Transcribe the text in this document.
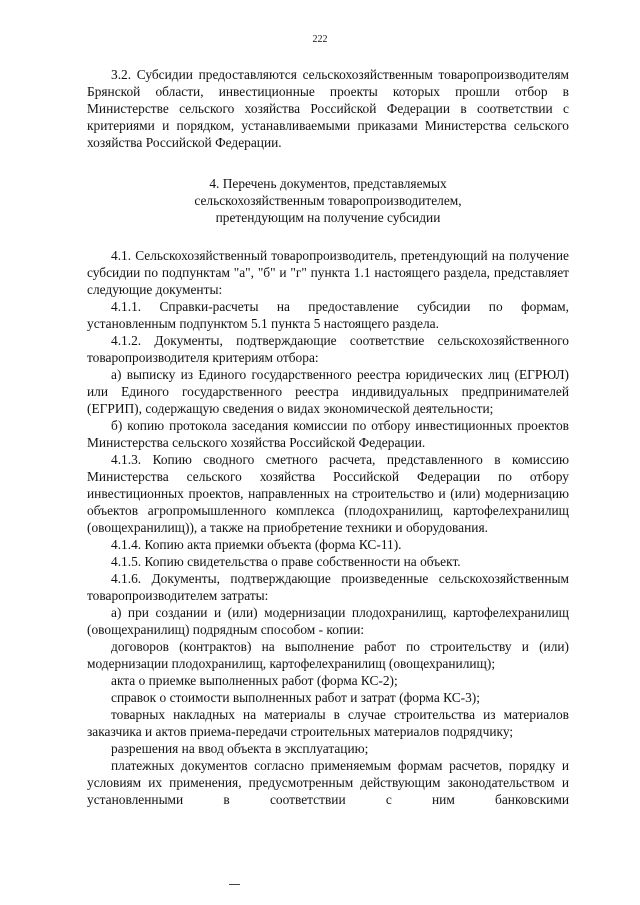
222

3.2. Субсидии предоставляются сельскохозяйственным товаропроизводителям Брянской области, инвестиционные проекты которых прошли отбор в Министерстве сельского хозяйства Российской Федерации в соответствии с критериями и порядком, устанавливаемыми приказами Министерства сельского хозяйства Российской Федерации.

4. Перечень документов, представляемых
сельскохозяйственным товаропроизводителем,
претендующим на получение субсидии

4.1. Сельскохозяйственный товаропроизводитель, претендующий на получение субсидии по подпунктам "а", "б" и "г" пункта 1.1 настоящего раздела, представляет следующие документы:

4.1.1. Справки-расчеты на предоставление субсидии по формам, установленным подпунктом 5.1 пункта 5 настоящего раздела.

4.1.2. Документы, подтверждающие соответствие сельскохозяйственного товаропроизводителя критериям отбора:

а) выписку из Единого государственного реестра юридических лиц (ЕГРЮЛ) или Единого государственного реестра индивидуальных предпринимателей (ЕГРИП), содержащую сведения о видах экономической деятельности;

б) копию протокола заседания комиссии по отбору инвестиционных проектов Министерства сельского хозяйства Российской Федерации.

4.1.3. Копию сводного сметного расчета, представленного в комиссию Министерства сельского хозяйства Российской Федерации по отбору инвестиционных проектов, направленных на строительство и (или) модернизацию объектов агропромышленного комплекса (плодохранилищ, картофелехранилищ (овощехранилищ)), а также на приобретение техники и оборудования.

4.1.4. Копию акта приемки объекта (форма КС-11).

4.1.5. Копию свидетельства о праве собственности на объект.

4.1.6. Документы, подтверждающие произведенные сельскохозяйственным товаропроизводителем затраты:

а) при создании и (или) модернизации плодохранилищ, картофелехранилищ (овощехранилищ) подрядным способом - копии:

договоров (контрактов) на выполнение работ по строительству и (или) модернизации плодохранилищ, картофелехранилищ (овощехранилищ);

акта о приемке выполненных работ (форма КС-2);

справок о стоимости выполненных работ и затрат (форма КС-3);

товарных накладных на материалы в случае строительства из материалов заказчика и актов приема-передачи строительных материалов подрядчику;

разрешения на ввод объекта в эксплуатацию;

платежных документов согласно применяемым формам расчетов, порядку и условиям их применения, предусмотренным действующим законодательством и установленными в соответствии с ним банковскими
